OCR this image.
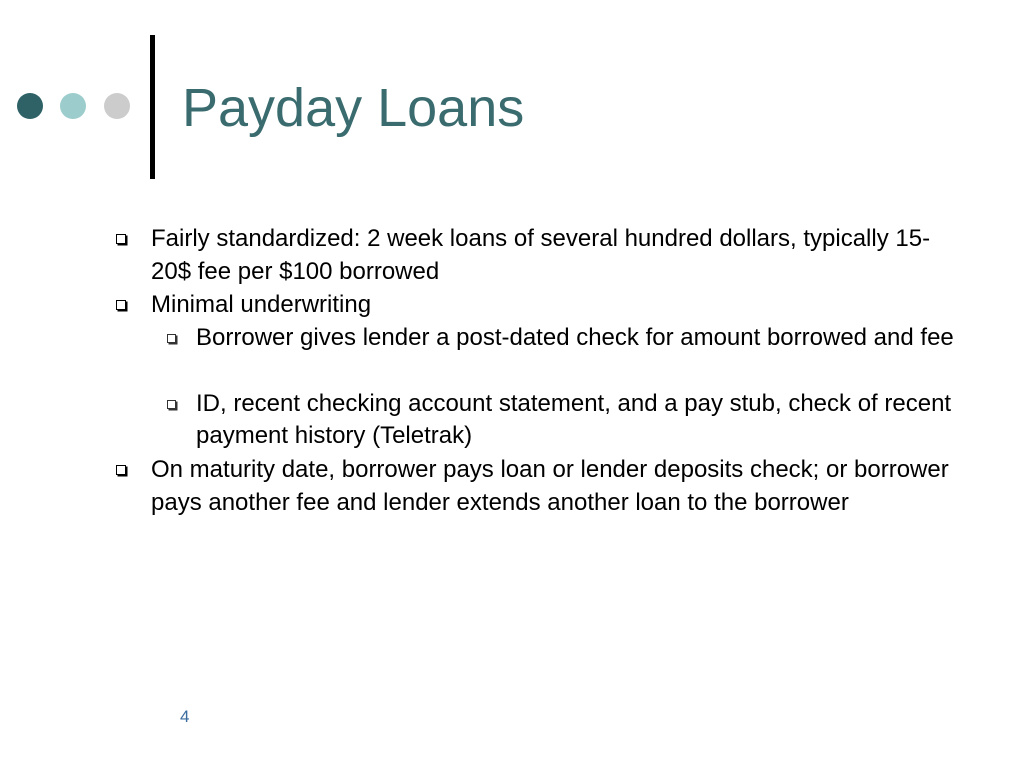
Payday Loans
Fairly standardized: 2 week loans of several hundred dollars, typically 15-20$ fee per $100 borrowed
Minimal underwriting
Borrower gives lender a post-dated check for amount borrowed and fee
ID, recent checking account statement, and a pay stub, check of recent payment history (Teletrak)
On maturity date, borrower pays loan or lender deposits check; or borrower pays another fee and lender extends another loan to the borrower
4
